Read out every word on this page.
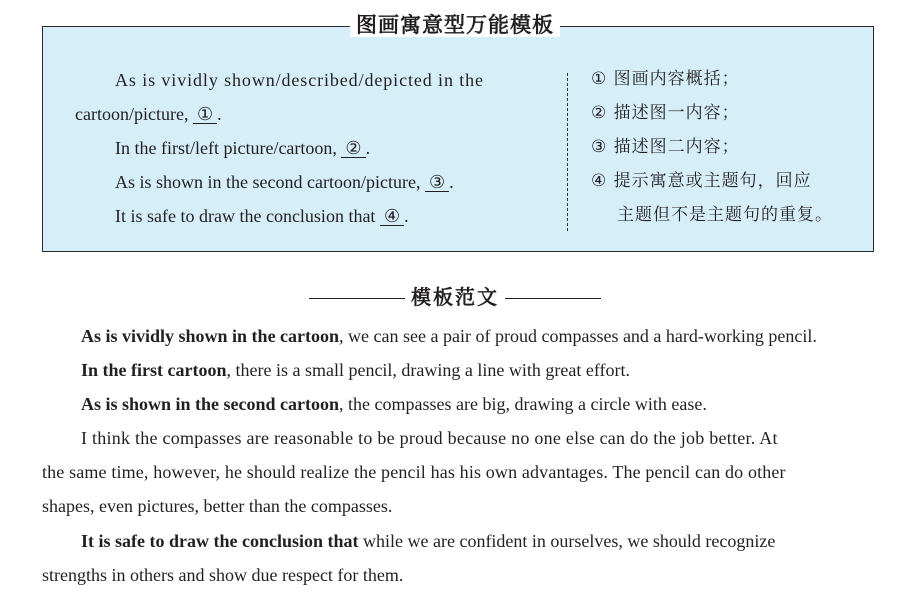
图画寓意型万能模板
As is vividly shown/described/depicted in the
cartoon/picture, ① .
In the first/left picture/cartoon, ② .
As is shown in the second cartoon/picture, ③ .
It is safe to draw the conclusion that ④ .
① 图画内容概括；
② 描述图一内容；
③ 描述图二内容；
④ 提示寓意或主题句，回应
主题但不是主题句的重复。
模板范文
As is vividly shown in the cartoon, we can see a pair of proud compasses and a hard-working pencil.
In the first cartoon, there is a small pencil, drawing a line with great effort.
As is shown in the second cartoon, the compasses are big, drawing a circle with ease.
I think the compasses are reasonable to be proud because no one else can do the job better. At
the same time, however, he should realize the pencil has his own advantages. The pencil can do other
shapes, even pictures, better than the compasses.
It is safe to draw the conclusion that while we are confident in ourselves, we should recognize
strengths in others and show due respect for them.
